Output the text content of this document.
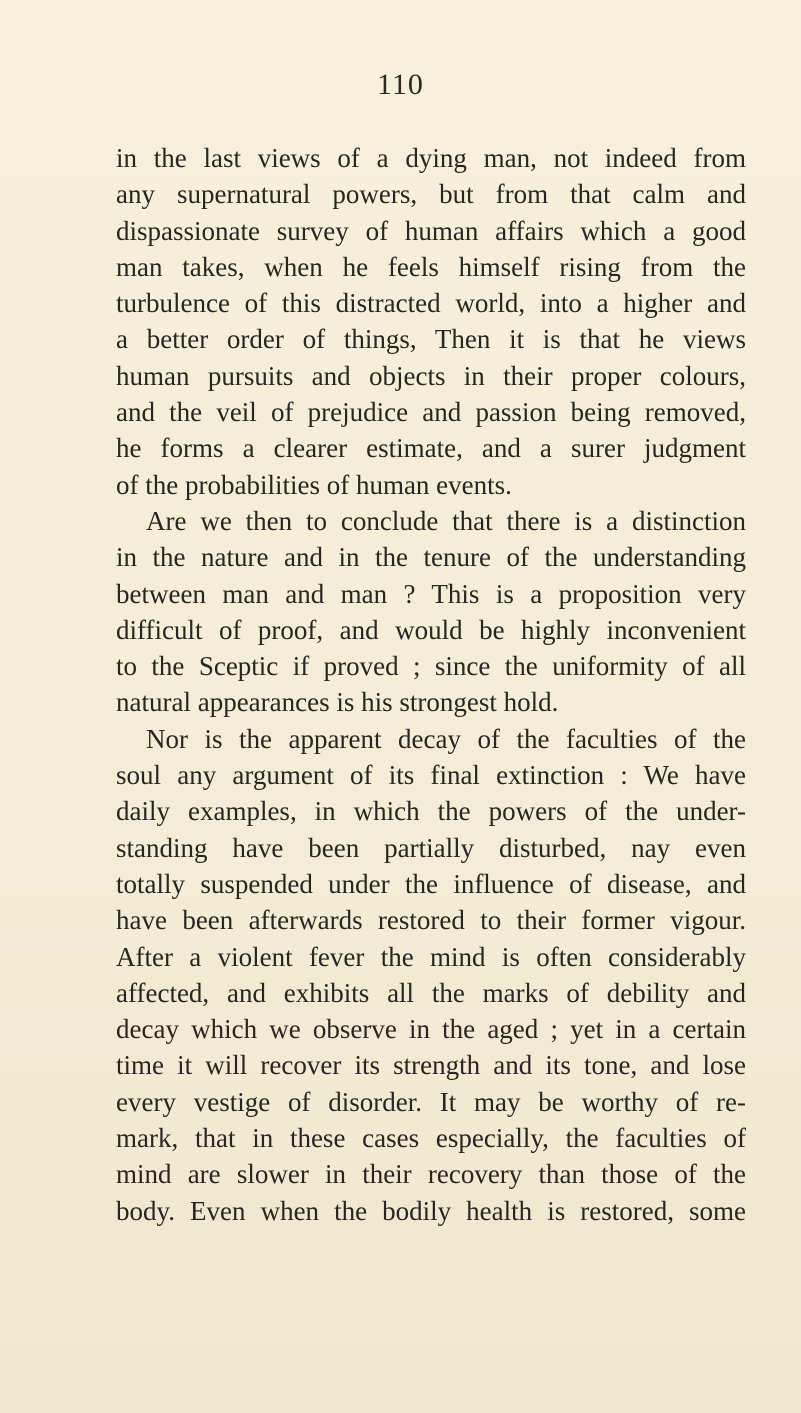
110
in the last views of a dying man, not indeed from
any supernatural powers, but from that calm and
dispassionate survey of human affairs which a good
man takes, when he feels himself rising from the
turbulence of this distracted world, into a higher and
a better order of things, Then it is that he views
human pursuits and objects in their proper colours,
and the veil of prejudice and passion being removed,
he forms a clearer estimate, and a surer judgment
of the probabilities of human events.
Are we then to conclude that there is a distinction
in the nature and in the tenure of the understanding
between man and man ? This is a proposition very
difficult of proof, and would be highly inconvenient
to the Sceptic if proved ; since the uniformity of all
natural appearances is his strongest hold.
Nor is the apparent decay of the faculties of the
soul any argument of its final extinction : We have
daily examples, in which the powers of the under-
standing have been partially disturbed, nay even
totally suspended under the influence of disease, and
have been afterwards restored to their former vigour.
After a violent fever the mind is often considerably
affected, and exhibits all the marks of debility and
decay which we observe in the aged ; yet in a certain
time it will recover its strength and its tone, and lose
every vestige of disorder. It may be worthy of re-
mark, that in these cases especially, the faculties of
mind are slower in their recovery than those of the
body. Even when the bodily health is restored, some
